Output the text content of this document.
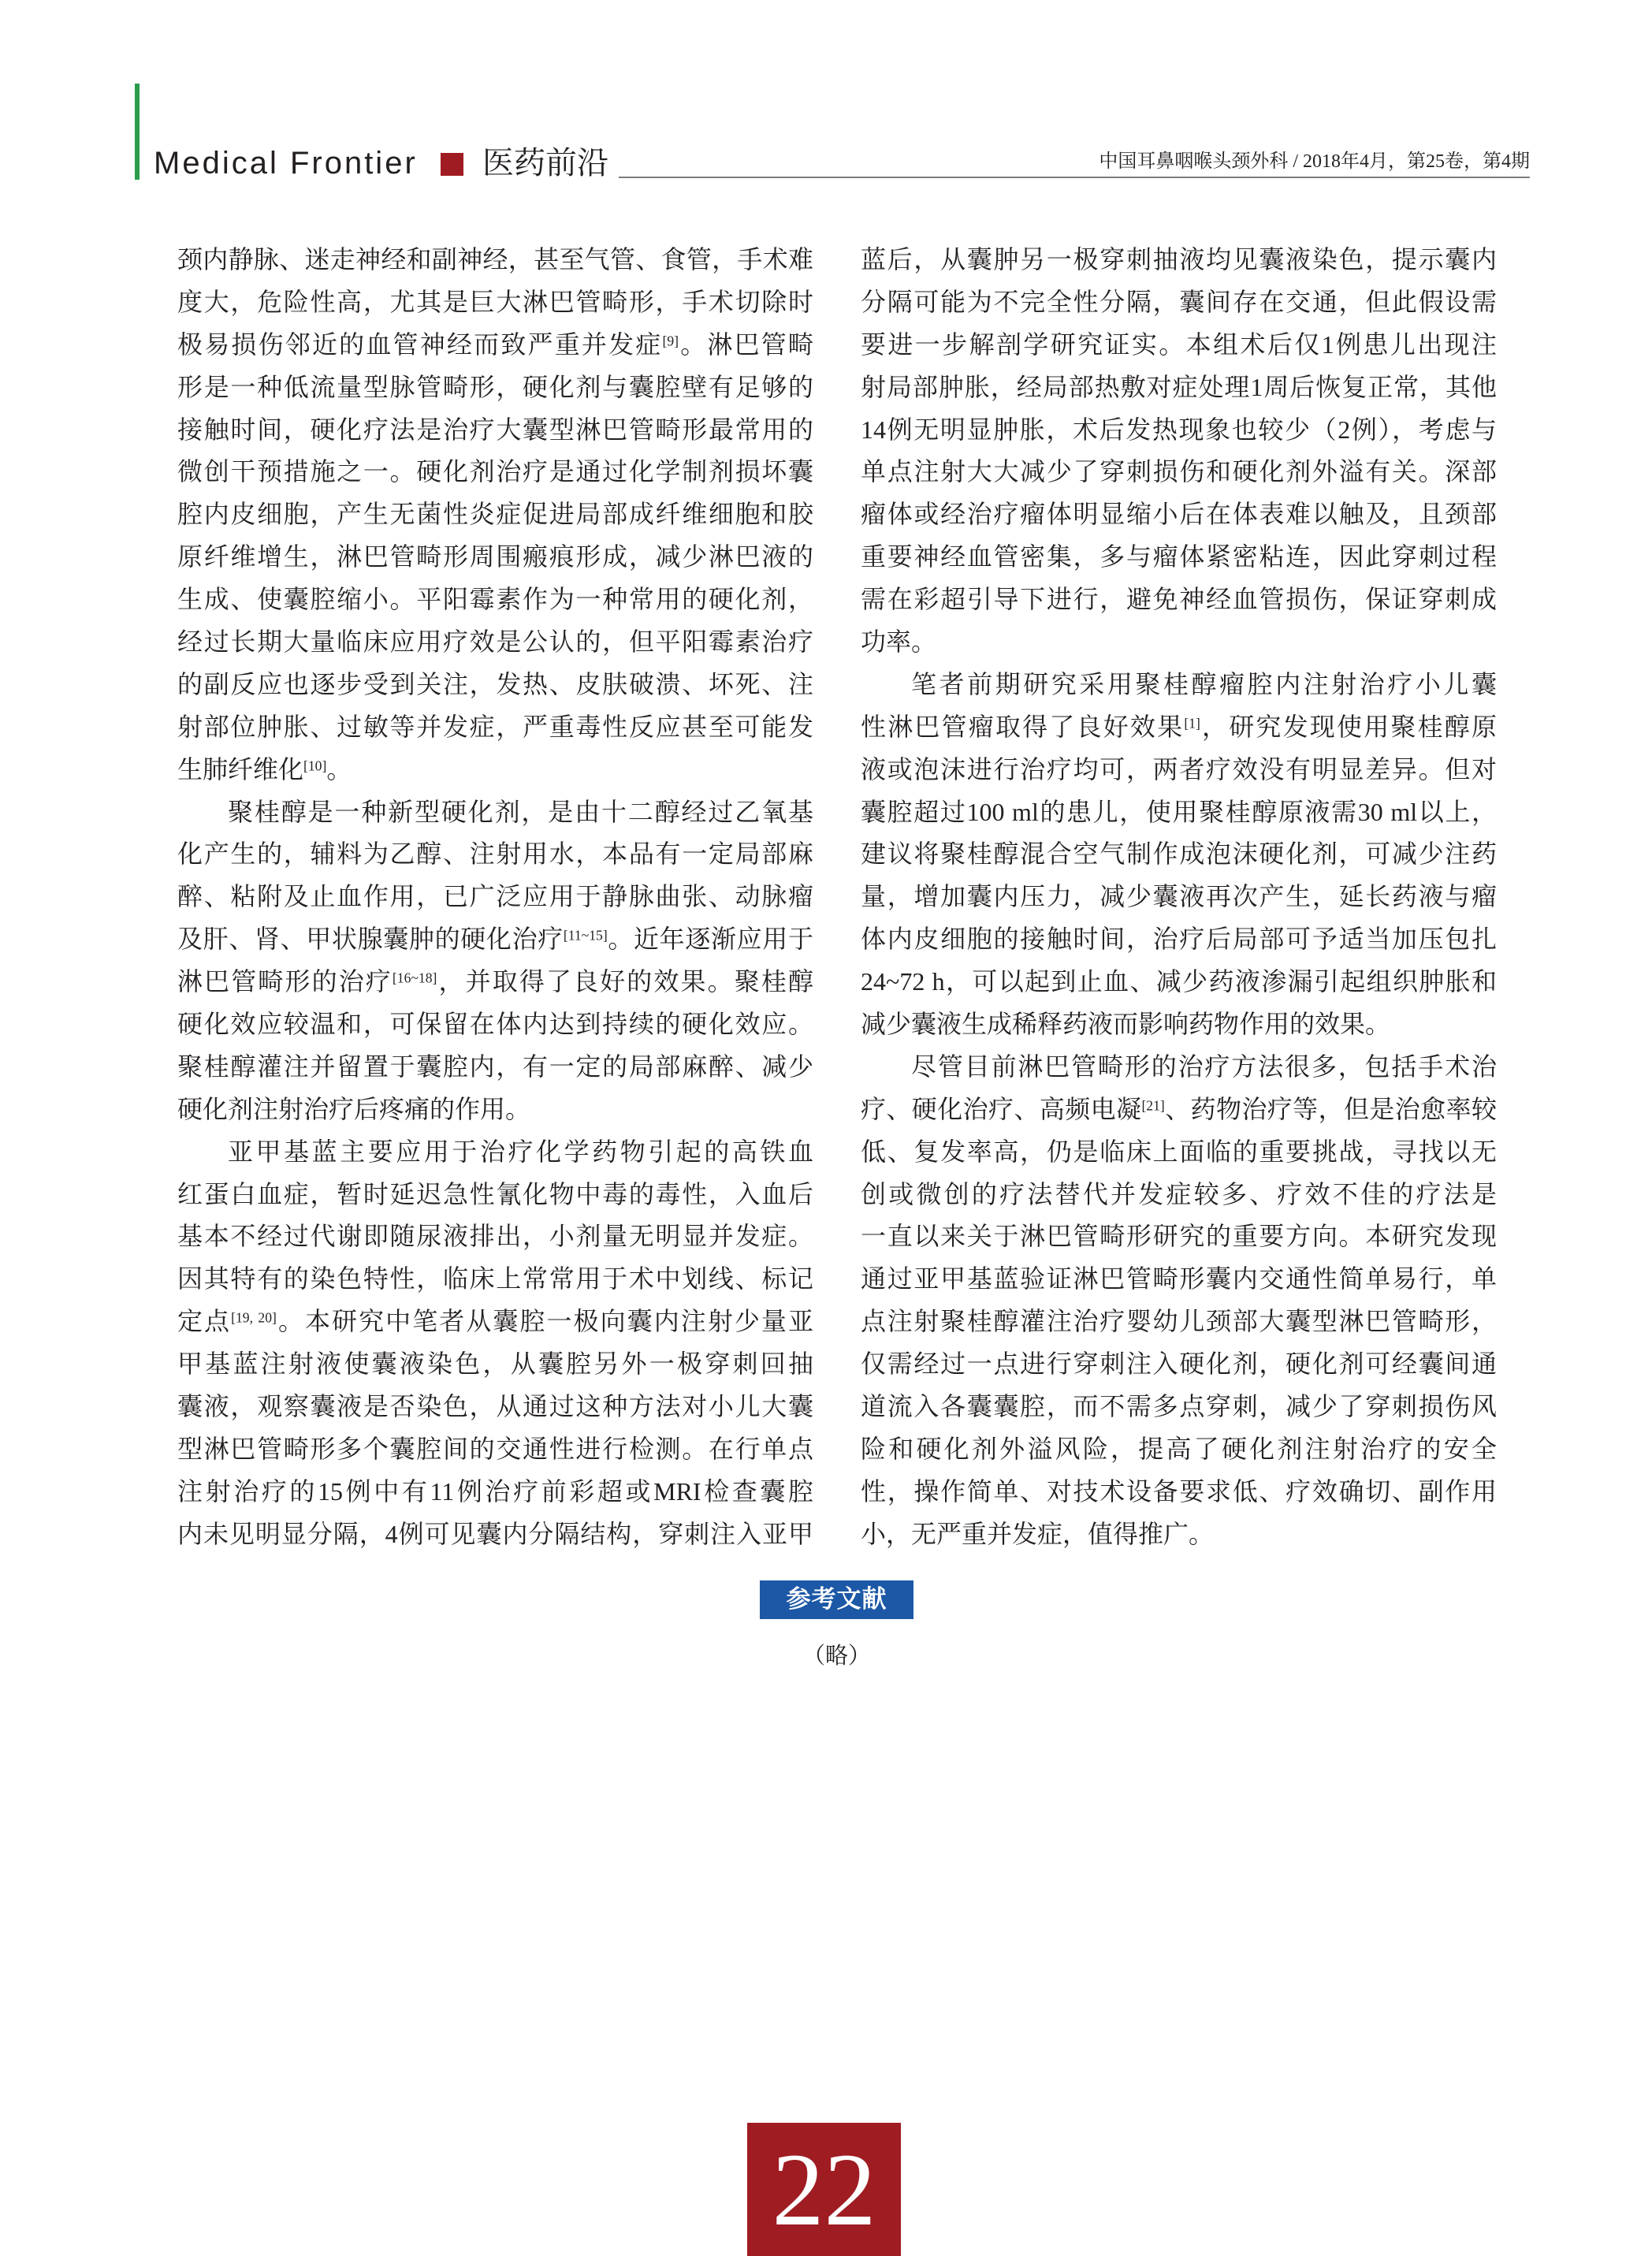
Medical Frontier 医药前沿	中国耳鼻咽喉头颈外科 / 2018年4月，第25卷，第4期
颈内静脉、迷走神经和副神经，甚至气管、食管，手术难
度大，危险性高，尤其是巨大淋巴管畸形，手术切除时
极易损伤邻近的血管神经而致严重并发症[9]。淋巴管畸
形是一种低流量型脉管畸形，硬化剂与囊腔壁有足够的
接触时间，硬化疗法是治疗大囊型淋巴管畸形最常用的
微创干预措施之一。硬化剂治疗是通过化学制剂损坏囊
腔内皮细胞，产生无菌性炎症促进局部成纤维细胞和胶
原纤维增生，淋巴管畸形周围瘢痕形成，减少淋巴液的
生成、使囊腔缩小。平阳霉素作为一种常用的硬化剂，
经过长期大量临床应用疗效是公认的，但平阳霉素治疗
的副反应也逐步受到关注，发热、皮肤破溃、坏死、注
射部位肿胀、过敏等并发症，严重毒性反应甚至可能发
生肺纤维化[10]。
聚桂醇是一种新型硬化剂，是由十二醇经过乙氧基
化产生的，辅料为乙醇、注射用水，本品有一定局部麻
醉、粘附及止血作用，已广泛应用于静脉曲张、动脉瘤
及肝、肾、甲状腺囊肿的硬化治疗[11~15]。近年逐渐应用于
淋巴管畸形的治疗[16~18]，并取得了良好的效果。聚桂醇
硬化效应较温和，可保留在体内达到持续的硬化效应。
聚桂醇灌注并留置于囊腔内，有一定的局部麻醉、减少
硬化剂注射治疗后疼痛的作用。
亚甲基蓝主要应用于治疗化学药物引起的高铁血
红蛋白血症，暂时延迟急性氰化物中毒的毒性，入血后
基本不经过代谢即随尿液排出，小剂量无明显并发症。
因其特有的染色特性，临床上常常用于术中划线、标记
定点[19, 20]。本研究中笔者从囊腔一极向囊内注射少量亚
甲基蓝注射液使囊液染色，从囊腔另外一极穿刺回抽
囊液，观察囊液是否染色，从通过这种方法对小儿大囊
型淋巴管畸形多个囊腔间的交通性进行检测。在行单点
注射治疗的15例中有11例治疗前彩超或MRI检查囊腔
内未见明显分隔，4例可见囊内分隔结构，穿刺注入亚甲
蓝后，从囊肿另一极穿刺抽液均见囊液染色，提示囊内
分隔可能为不完全性分隔，囊间存在交通，但此假设需
要进一步解剖学研究证实。本组术后仅1例患儿出现注
射局部肿胀，经局部热敷对症处理1周后恢复正常，其他
14例无明显肿胀，术后发热现象也较少（2例），考虑与
单点注射大大减少了穿刺损伤和硬化剂外溢有关。深部
瘤体或经治疗瘤体明显缩小后在体表难以触及，且颈部
重要神经血管密集，多与瘤体紧密粘连，因此穿刺过程
需在彩超引导下进行，避免神经血管损伤，保证穿刺成
功率。
笔者前期研究采用聚桂醇瘤腔内注射治疗小儿囊
性淋巴管瘤取得了良好效果[1]，研究发现使用聚桂醇原
液或泡沫进行治疗均可，两者疗效没有明显差异。但对
囊腔超过100 ml的患儿，使用聚桂醇原液需30 ml以上，
建议将聚桂醇混合空气制作成泡沫硬化剂，可减少注药
量，增加囊内压力，减少囊液再次产生，延长药液与瘤
体内皮细胞的接触时间，治疗后局部可予适当加压包扎
24~72 h，可以起到止血、减少药液渗漏引起组织肿胀和
减少囊液生成稀释药液而影响药物作用的效果。
尽管目前淋巴管畸形的治疗方法很多，包括手术治
疗、硬化治疗、高频电凝[21]、药物治疗等，但是治愈率较
低、复发率高，仍是临床上面临的重要挑战，寻找以无
创或微创的疗法替代并发症较多、疗效不佳的疗法是
一直以来关于淋巴管畸形研究的重要方向。本研究发现
通过亚甲基蓝验证淋巴管畸形囊内交通性简单易行，单
点注射聚桂醇灌注治疗婴幼儿颈部大囊型淋巴管畸形，
仅需经过一点进行穿刺注入硬化剂，硬化剂可经囊间通
道流入各囊囊腔，而不需多点穿刺，减少了穿刺损伤风
险和硬化剂外溢风险，提高了硬化剂注射治疗的安全
性，操作简单、对技术设备要求低、疗效确切、副作用
小，无严重并发症，值得推广。
参考文献
（略）
22
